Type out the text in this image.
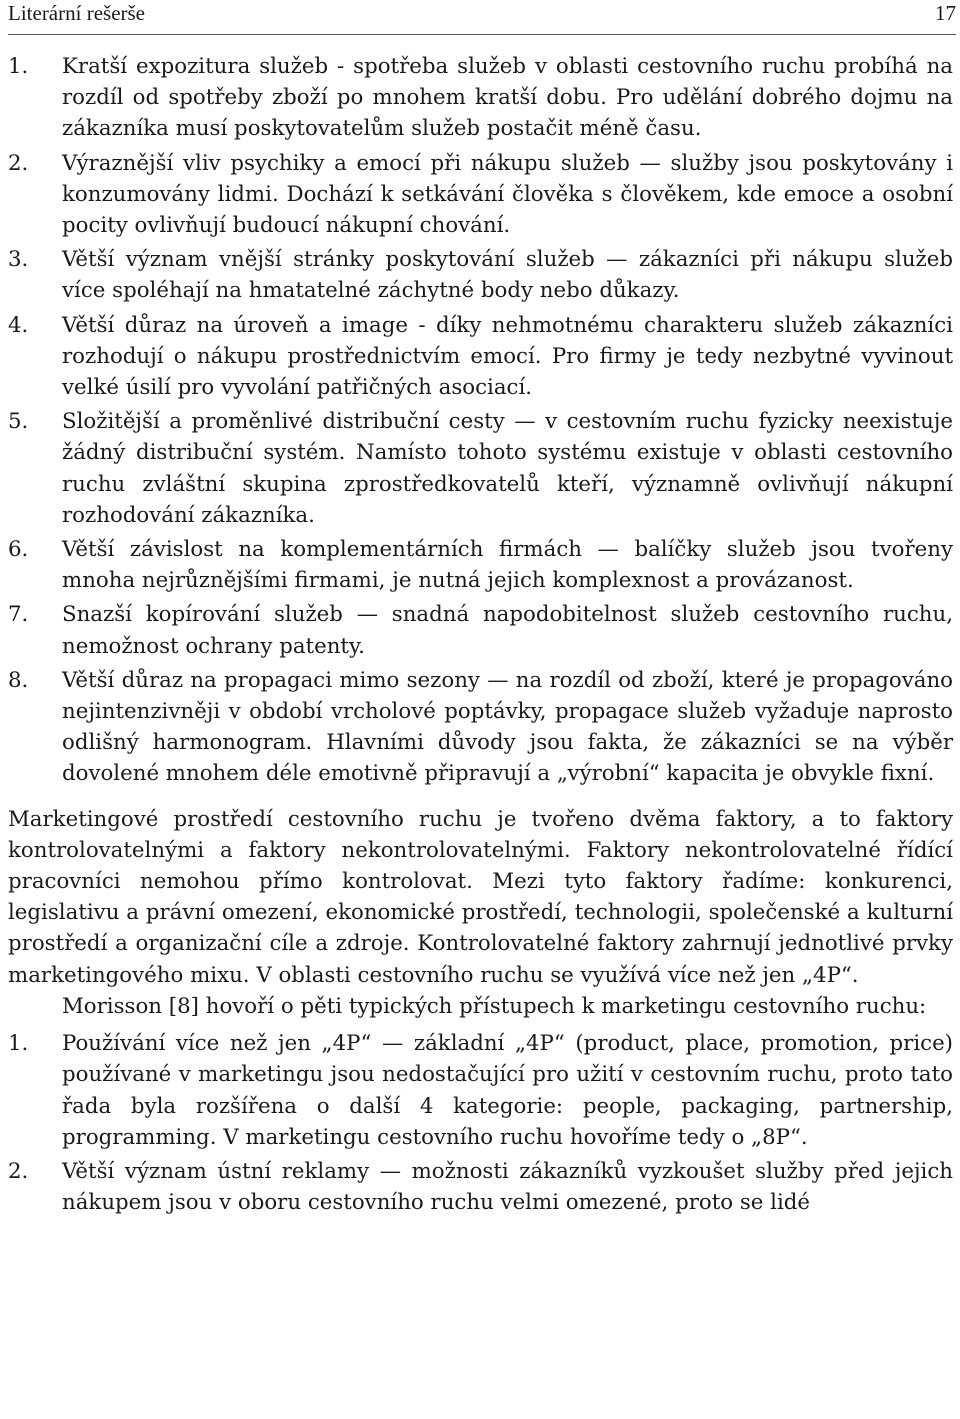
Literární rešerše	17
1. Kratší expozitura služeb - spotřeba služeb v oblasti cestovního ruchu probíhá na rozdíl od spotřeby zboží po mnohem kratší dobu. Pro udělání dobrého dojmu na zákazníka musí poskytovatelům služeb postačit méně času.
2. Výraznější vliv psychiky a emocí při nákupu služeb — služby jsou poskytovány i konzumovány lidmi. Dochází k setkávání člověka s člověkem, kde emoce a osobní pocity ovlivňují budoucí nákupní chování.
3. Větší význam vnější stránky poskytování služeb — zákazníci při nákupu služeb více spoléhají na hmatatelné záchytné body nebo důkazy.
4. Větší důraz na úroveň a image - díky nehmotnému charakteru služeb zákazníci rozhodují o nákupu prostřednictvím emocí. Pro firmy je tedy nezbytné vyvinout velké úsilí pro vyvolání patřičných asociací.
5. Složitější a proměnlivé distribuční cesty — v cestovním ruchu fyzicky neexistuje žádný distribuční systém. Namísto tohoto systému existuje v oblasti cestovního ruchu zvláštní skupina zprostředkovatelů kteří, významně ovlivňují nákupní rozhodování zákazníka.
6. Větší závislost na komplementárních firmách — balíčky služeb jsou tvořeny mnoha nejrůznějšími firmami, je nutná jejich komplexnost a provázanost.
7. Snazší kopírování služeb — snadná napodobitelnost služeb cestovního ruchu, nemožnost ochrany patenty.
8. Větší důraz na propagaci mimo sezony — na rozdíl od zboží, které je propagováno nejintenzivněji v období vrcholové poptávky, propagace služeb vyžaduje naprosto odlišný harmonogram. Hlavními důvody jsou fakta, že zákazníci se na výběr dovolené mnohem déle emotivně připravují a „výrobní“ kapacita je obvykle fixní.

Marketingové prostředí cestovního ruchu je tvořeno dvěma faktory, a to faktory kontrolovatelnými a faktory nekontrolovatelnými. Faktory nekontrolovatelné řídící pracovníci nemohou přímo kontrolovat. Mezi tyto faktory řadíme: konkurenci, legislativu a právní omezení, ekonomické prostředí, technologii, společenské a kulturní prostředí a organizační cíle a zdroje. Kontrolovatelné faktory zahrnují jednotlivé prvky marketingového mixu. V oblasti cestovního ruchu se využívá více než jen „4P“.

Morisson [8] hovoří o pěti typických přístupech k marketingu cestovního ruchu:

1. Používání více než jen „4P“ — základní „4P“ (product, place, promotion, price) používané v marketingu jsou nedostačující pro užití v cestovním ruchu, proto tato řada byla rozšířena o další 4 kategorie: people, packaging, partnership, programming. V marketingu cestovního ruchu hovoříme tedy o „8P“.
2. Větší význam ústní reklamy — možnosti zákazníků vyzkoušet služby před jejich nákupem jsou v oboru cestovního ruchu velmi omezené, proto se lidé
